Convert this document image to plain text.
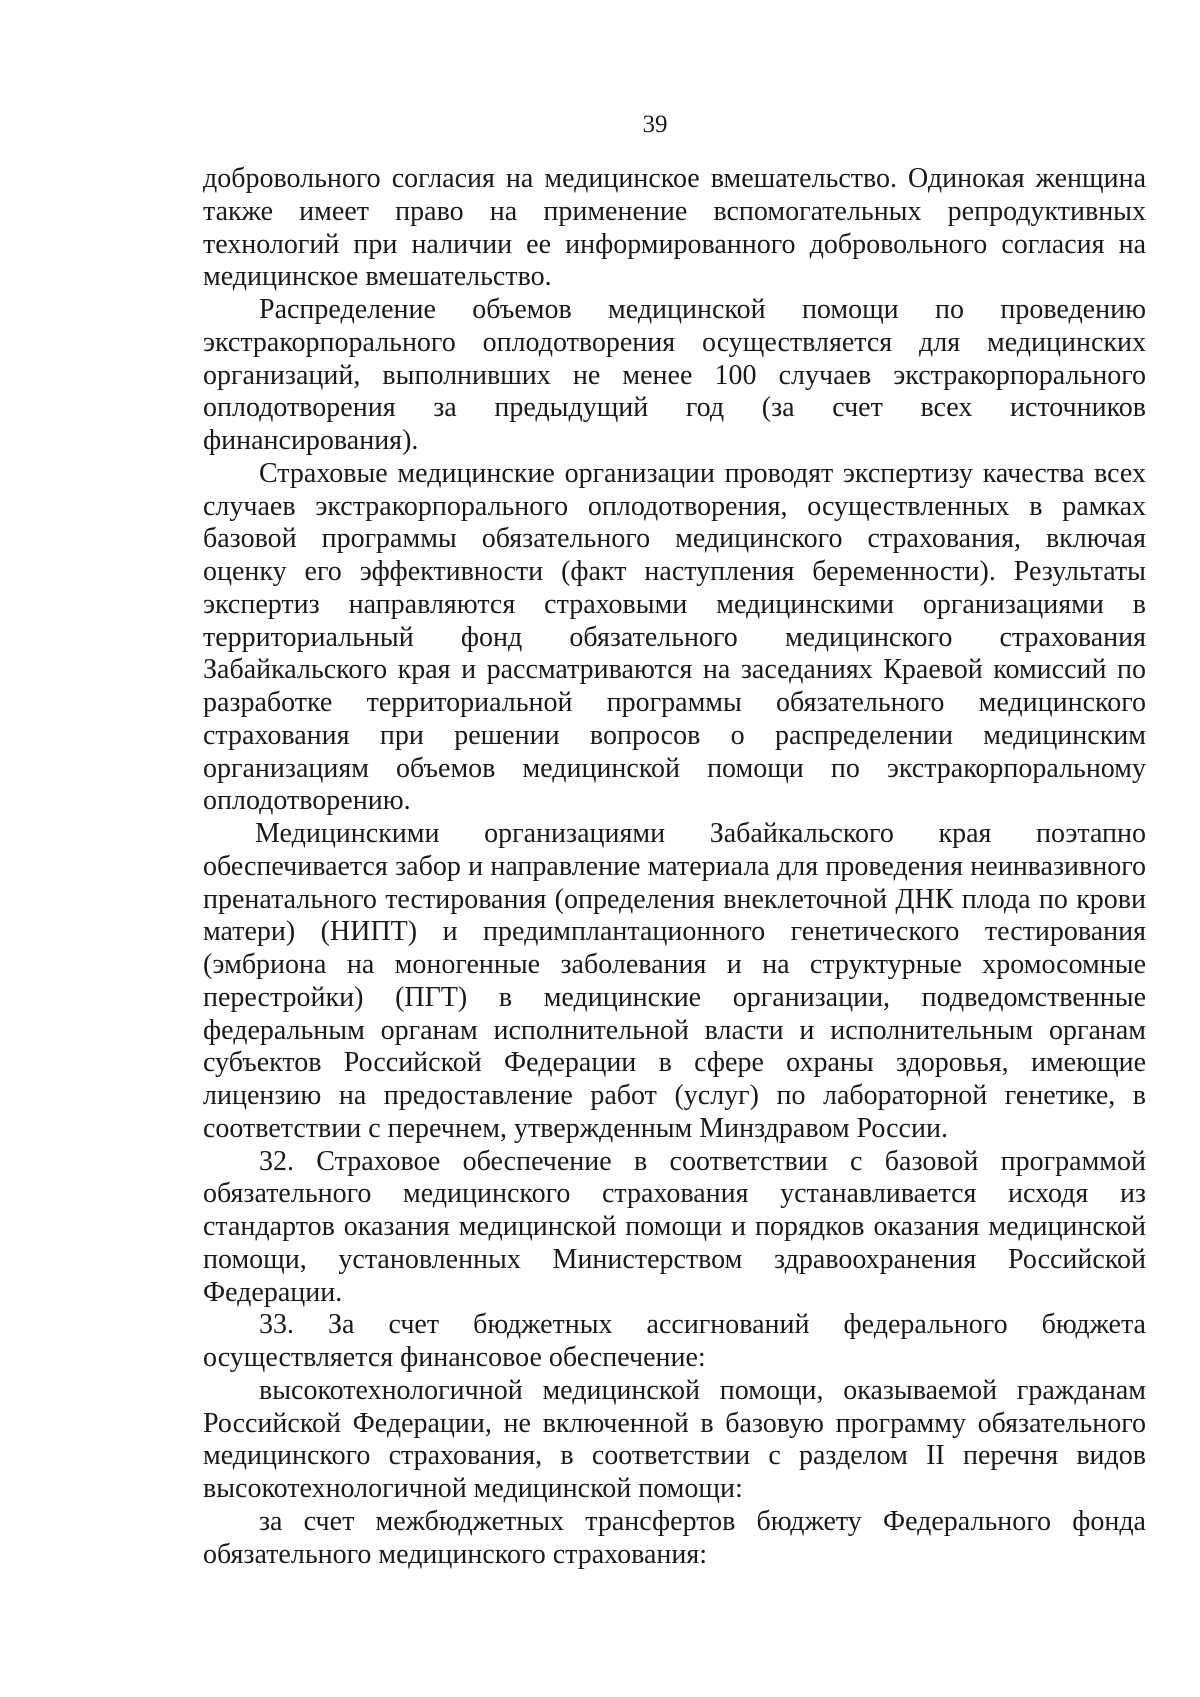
39

добровольного согласия на медицинское вмешательство. Одинокая женщина также имеет право на применение вспомогательных репродуктивных технологий при наличии ее информированного добровольного согласия на медицинское вмешательство.

Распределение объемов медицинской помощи по проведению экстракорпорального оплодотворения осуществляется для медицинских организаций, выполнивших не менее 100 случаев экстракорпорального оплодотворения за предыдущий год (за счет всех источников финансирования).

Страховые медицинские организации проводят экспертизу качества всех случаев экстракорпорального оплодотворения, осуществленных в рамках базовой программы обязательного медицинского страхования, включая оценку его эффективности (факт наступления беременности). Результаты экспертиз направляются страховыми медицинскими организациями в территориальный фонд обязательного медицинского страхования Забайкальского края и рассматриваются на заседаниях Краевой комиссий по разработке территориальной программы обязательного медицинского страхования при решении вопросов о распределении медицинским организациям объемов медицинской помощи по экстракорпоральному оплодотворению.

Медицинскими организациями Забайкальского края поэтапно обеспечивается забор и направление материала для проведения неинвазивного пренатального тестирования (определения внеклеточной ДНК плода по крови матери) (НИПТ) и предимплантационного генетического тестирования (эмбриона на моногенные заболевания и на структурные хромосомные перестройки) (ПГТ) в медицинские организации, подведомственные федеральным органам исполнительной власти и исполнительным органам субъектов Российской Федерации в сфере охраны здоровья, имеющие лицензию на предоставление работ (услуг) по лабораторной генетике, в соответствии с перечнем, утвержденным Минздравом России.

32. Страховое обеспечение в соответствии с базовой программой обязательного медицинского страхования устанавливается исходя из стандартов оказания медицинской помощи и порядков оказания медицинской помощи, установленных Министерством здравоохранения Российской Федерации.

33. За счет бюджетных ассигнований федерального бюджета осуществляется финансовое обеспечение:

высокотехнологичной медицинской помощи, оказываемой гражданам Российской Федерации, не включенной в базовую программу обязательного медицинского страхования, в соответствии с разделом II перечня видов высокотехнологичной медицинской помощи:

за счет межбюджетных трансфертов бюджету Федерального фонда обязательного медицинского страхования:
